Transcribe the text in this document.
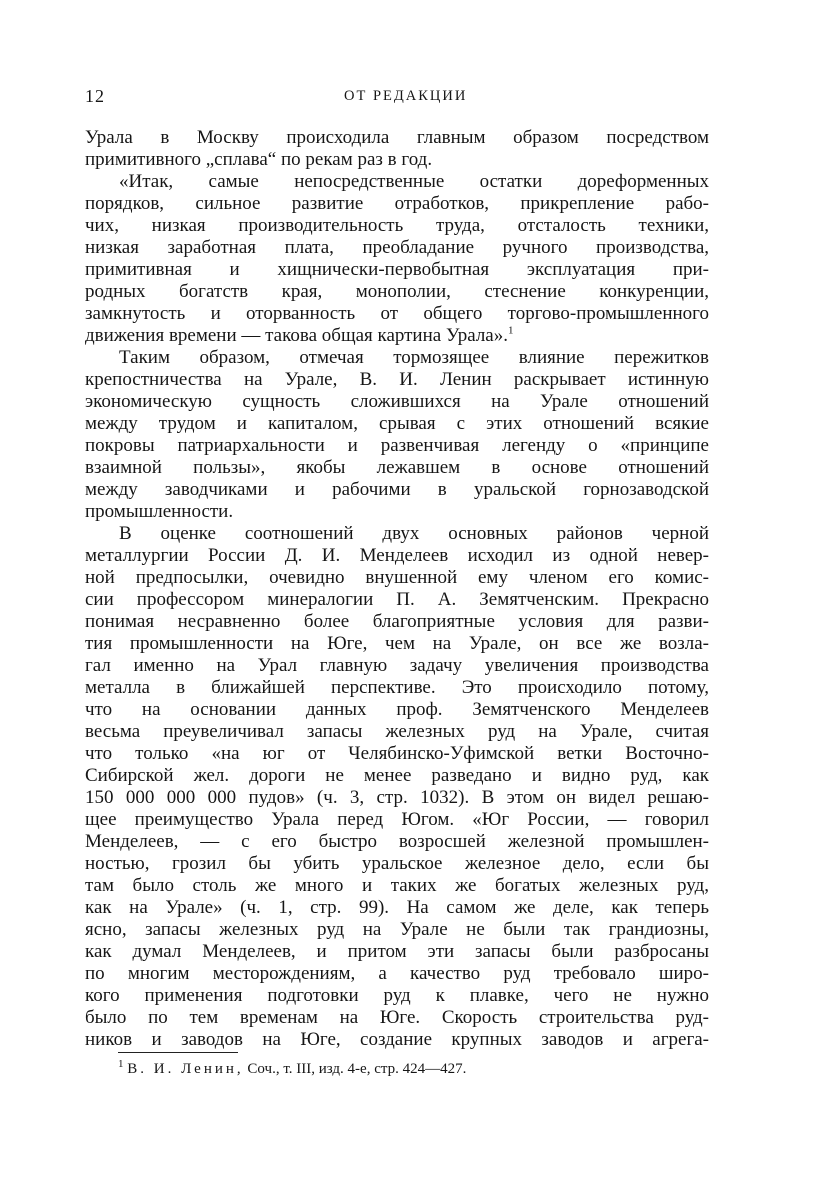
12	ОТ РЕДАКЦИИ
Урала в Москву происходила главным образом посредством
примитивного „сплава“ по рекам раз в год.
«Итак, самые непосредственные остатки дореформенных
порядков, сильное развитие отработков, прикрепление рабо-
чих, низкая производительность труда, отсталость техники,
низкая заработная плата, преобладание ручного производства,
примитивная и хищнически-первобытная эксплуатация при-
родных богатств края, монополии, стеснение конкуренции,
замкнутость и оторванность от общего торгово-промышленного
движения времени — такова общая картина Урала».$^1$
Таким образом, отмечая тормозящее влияние пережитков
крепостничества на Урале, В. И. Ленин раскрывает истинную
экономическую сущность сложившихся на Урале отношений
между трудом и капиталом, срывая с этих отношений всякие
покровы патриархальности и развенчивая легенду о «принципе
взаимной пользы», якобы лежавшем в основе отношений
между заводчиками и рабочими в уральской горнозаводской
промышленности.
В оценке соотношений двух основных районов черной
металлургии России Д. И. Менделеев исходил из одной невер-
ной предпосылки, очевидно внушенной ему членом его комис-
сии профессором минералогии П. А. Земятченским. Прекрасно
понимая несравненно более благоприятные условия для разви-
тия промышленности на Юге, чем на Урале, он все же возла-
гал именно на Урал главную задачу увеличения производства
металла в ближайшей перспективе. Это происходило потому,
что на основании данных проф. Земятченского Менделеев
весьма преувеличивал запасы железных руд на Урале, считая
что только «на юг от Челябинско-Уфимской ветки Восточно-
Сибирской жел. дороги не менее разведано и видно руд, как
150 000 000 000 пудов» (ч. 3, стр. 1032). В этом он видел решаю-
щее преимущество Урала перед Югом. «Юг России, — говорил
Менделеев, — с его быстро возросшей железной промышлен-
ностью, грозил бы убить уральское железное дело, если бы
там было столь же много и таких же богатых железных руд,
как на Урале» (ч. 1, стр. 99). На самом же деле, как теперь
ясно, запасы железных руд на Урале не были так грандиозны,
как думал Менделеев, и притом эти запасы были разбросаны
по многим месторождениям, а качество руд требовало широ-
кого применения подготовки руд к плавке, чего не нужно
было по тем временам на Юге. Скорость строительства руд-
ников и заводов на Юге, создание крупных заводов и агрега-
$^1$ В. И. Ленин, Соч., т. III, изд. 4-е, стр. 424—427.
